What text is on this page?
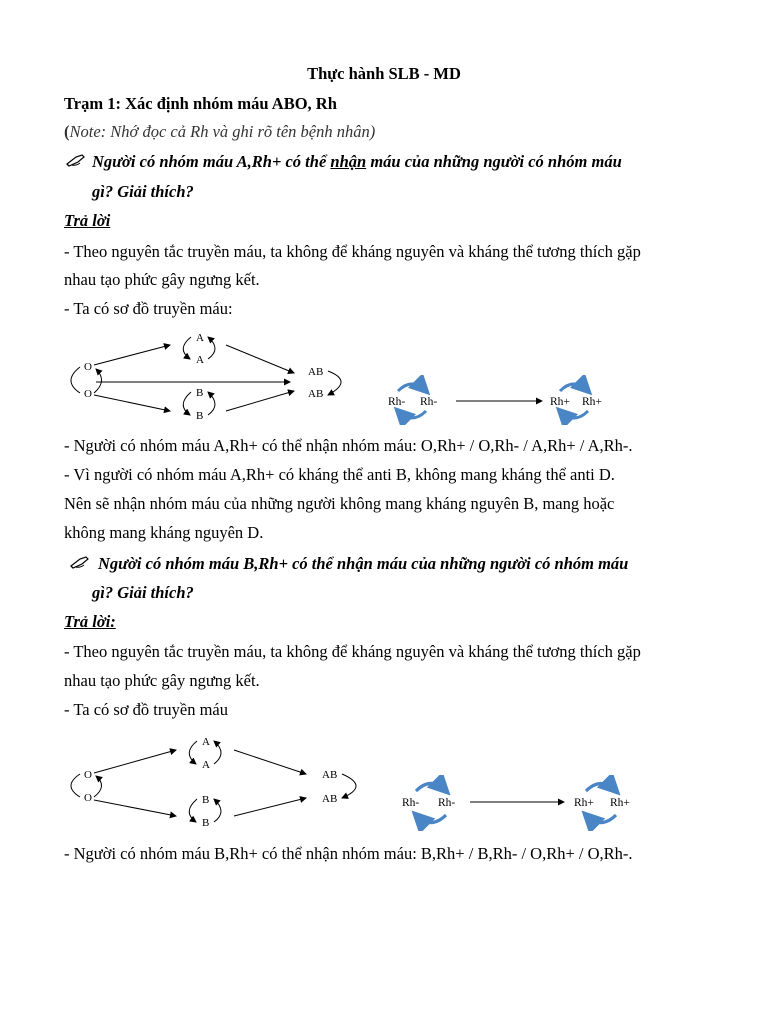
Thực hành SLB - MD
Trạm 1: Xác định nhóm máu ABO, Rh
(Note: Nhớ đọc cả Rh và ghi rõ tên bệnh nhân)
Người có nhóm máu A,Rh+ có thể nhận máu của những người có nhóm máu
gì? Giải thích?
Trả lời
- Theo nguyên tắc truyền máu, ta không để kháng nguyên và kháng thể tương thích gặp
nhau tạo phức gây ngưng kết.
- Ta có sơ đồ truyền máu:
O
O
A
A
B
B
AB
AB
Rh- Rh-	Rh+ Rh+
- Người có nhóm máu A,Rh+ có thể nhận nhóm máu: O,Rh+ / O,Rh- / A,Rh+ / A,Rh-.
- Vì người có nhóm máu A,Rh+ có kháng thể anti B, không mang kháng thể anti D.
Nên sẽ nhận nhóm máu của những người không mang kháng nguyên B, mang hoặc
không mang kháng nguyên D.
Người có nhóm máu B,Rh+ có thể nhận máu của những người có nhóm máu
gì? Giải thích?
Trả lời:
- Theo nguyên tắc truyền máu, ta không để kháng nguyên và kháng thể tương thích gặp
nhau tạo phức gây ngưng kết.
- Ta có sơ đồ truyền máu
O
O
A
A
B
B
AB
AB	Rh- Rh-	Rh+ Rh+
- Người có nhóm máu B,Rh+ có thể nhận nhóm máu: B,Rh+ / B,Rh- / O,Rh+ / O,Rh-.
